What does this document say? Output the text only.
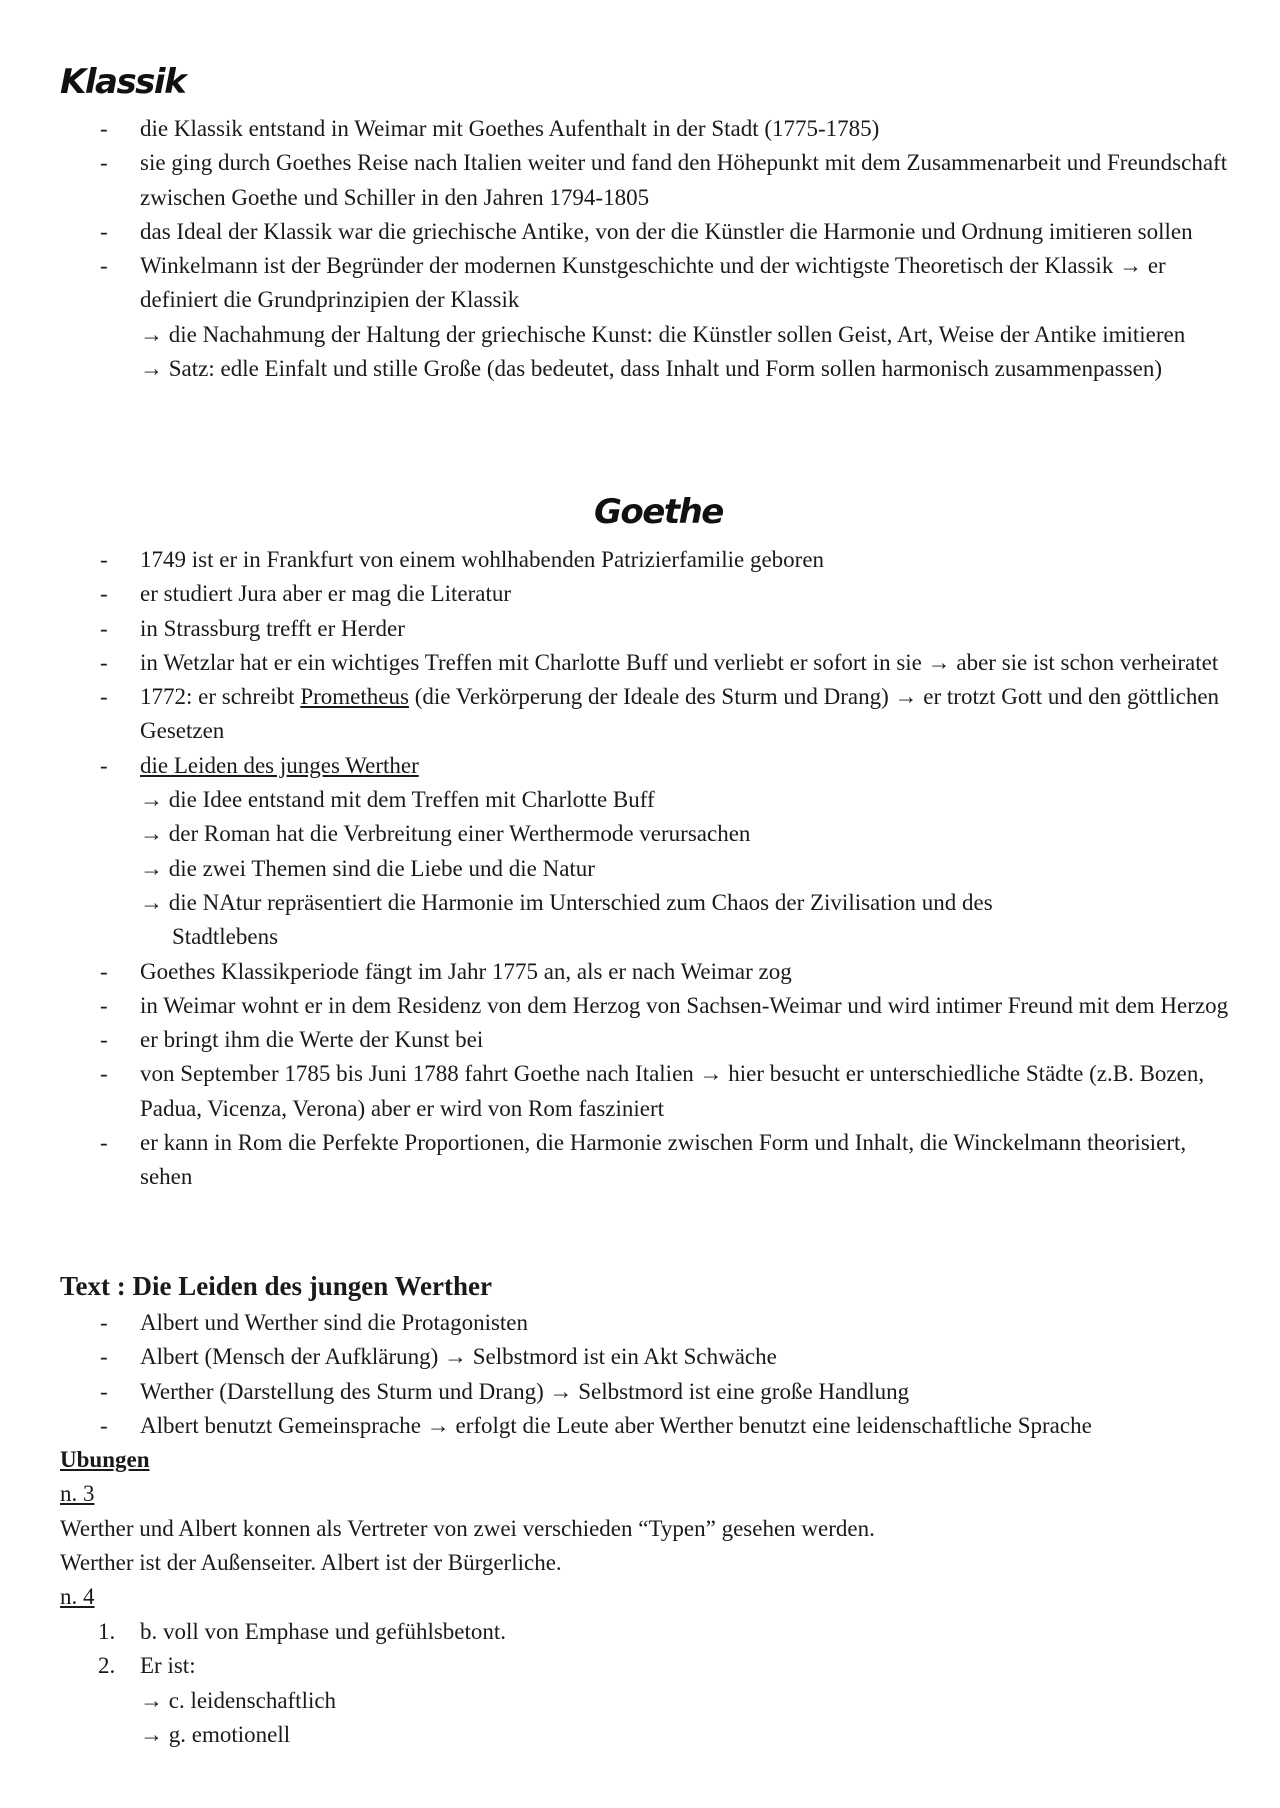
Klassik
- die Klassik entstand in Weimar mit Goethes Aufenthalt in der Stadt (1775-1785)
- sie ging durch Goethes Reise nach Italien weiter und fand den Höhepunkt mit dem Zusammenarbeit und Freundschaft zwischen Goethe und Schiller in den Jahren 1794-1805
- das Ideal der Klassik war die griechische Antike, von der die Künstler die Harmonie und Ordnung imitieren sollen
- Winkelmann ist der Begründer der modernen Kunstgeschichte und der wichtigste Theoretisch der Klassik → er definiert die Grundprinzipien der Klassik
→ die Nachahmung der Haltung der griechische Kunst: die Künstler sollen Geist, Art, Weise der Antike imitieren
→ Satz: edle Einfalt und stille Große (das bedeutet, dass Inhalt und Form sollen harmonisch zusammenpassen)
Goethe
- 1749 ist er in Frankfurt von einem wohlhabenden Patrizierfamilie geboren
- er studiert Jura aber er mag die Literatur
- in Strassburg trefft er Herder
- in Wetzlar hat er ein wichtiges Treffen mit Charlotte Buff und verliebt er sofort in sie → aber sie ist schon verheiratet
- 1772: er schreibt Prometheus (die Verkörperung der Ideale des Sturm und Drang) → er trotzt Gott und den göttlichen Gesetzen
- die Leiden des junges Werther
→ die Idee entstand mit dem Treffen mit Charlotte Buff
→ der Roman hat die Verbreitung einer Werthermode verursachen
→ die zwei Themen sind die Liebe und die Natur
→ die NAtur repräsentiert die Harmonie im Unterschied zum Chaos der Zivilisation und des
Stadtlebens
- Goethes Klassikperiode fängt im Jahr 1775 an, als er nach Weimar zog
- in Weimar wohnt er in dem Residenz von dem Herzog von Sachsen-Weimar und wird intimer Freund mit dem Herzog
- er bringt ihm die Werte der Kunst bei
- von September 1785 bis Juni 1788 fahrt Goethe nach Italien → hier besucht er unterschiedliche Städte (z.B. Bozen, Padua, Vicenza, Verona) aber er wird von Rom fasziniert
- er kann in Rom die Perfekte Proportionen, die Harmonie zwischen Form und Inhalt, die Winckelmann theorisiert, sehen
Text : Die Leiden des jungen Werther
- Albert und Werther sind die Protagonisten
- Albert (Mensch der Aufklärung) → Selbstmord ist ein Akt Schwäche
- Werther (Darstellung des Sturm und Drang) → Selbstmord ist eine große Handlung
- Albert benutzt Gemeinsprache → erfolgt die Leute aber Werther benutzt eine leidenschaftliche Sprache

Ubungen

n. 3

Werther und Albert konnen als Vertreter von zwei verschieden “Typen” gesehen werden.

Werther ist der Außenseiter. Albert ist der Bürgerliche.

n. 4

1. b. voll von Emphase und gefühlsbetont.
2. Er ist:
→ c. leidenschaftlich
→ g. emotionell
